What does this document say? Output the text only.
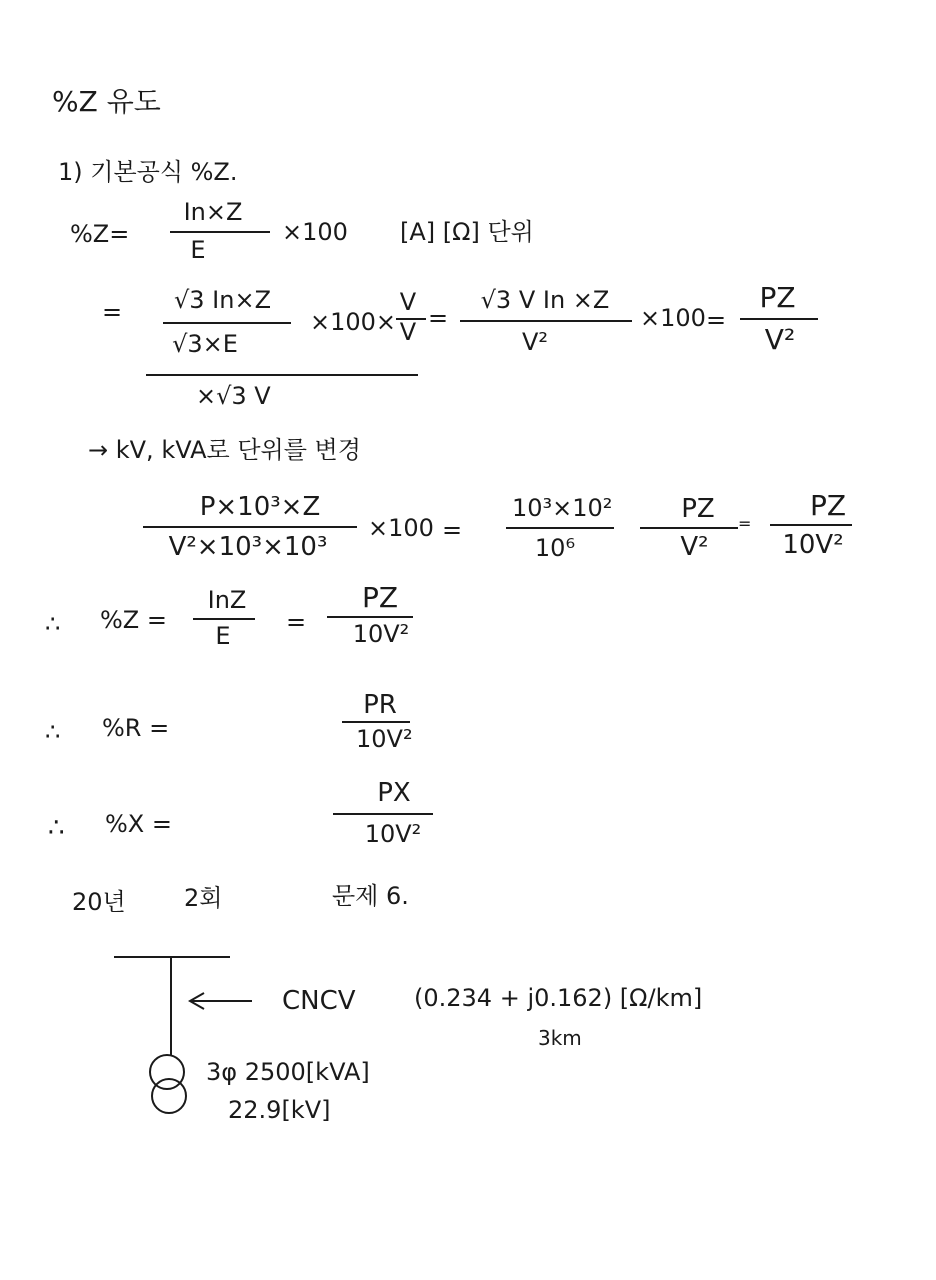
%Z 유도
1) 기본공식 %Z.
%Z=
In×Z
E
×100 [A] [Ω] 단위
=	√3 In×Z
√3×E
×√3 V
×100×
V
V =
√3 V In ×Z
V²
×100 =
PZ
V²
→ kV, kVA로 단위를 변경
P×10³×Z
V²×10³×10³
×100 =
10³×10²
10⁶
PZ
V²
=
PZ
10V²
∴ %Z =
InZ
E	=
PZ
10V²
∴ %R =
PR
10V²
∴ %X =
PX
10V²
20년 2회	문제 6.
CNCV (0.234 + j0.162) [Ω/km]
3km
3φ 2500[kVA]
22.9[kV]
